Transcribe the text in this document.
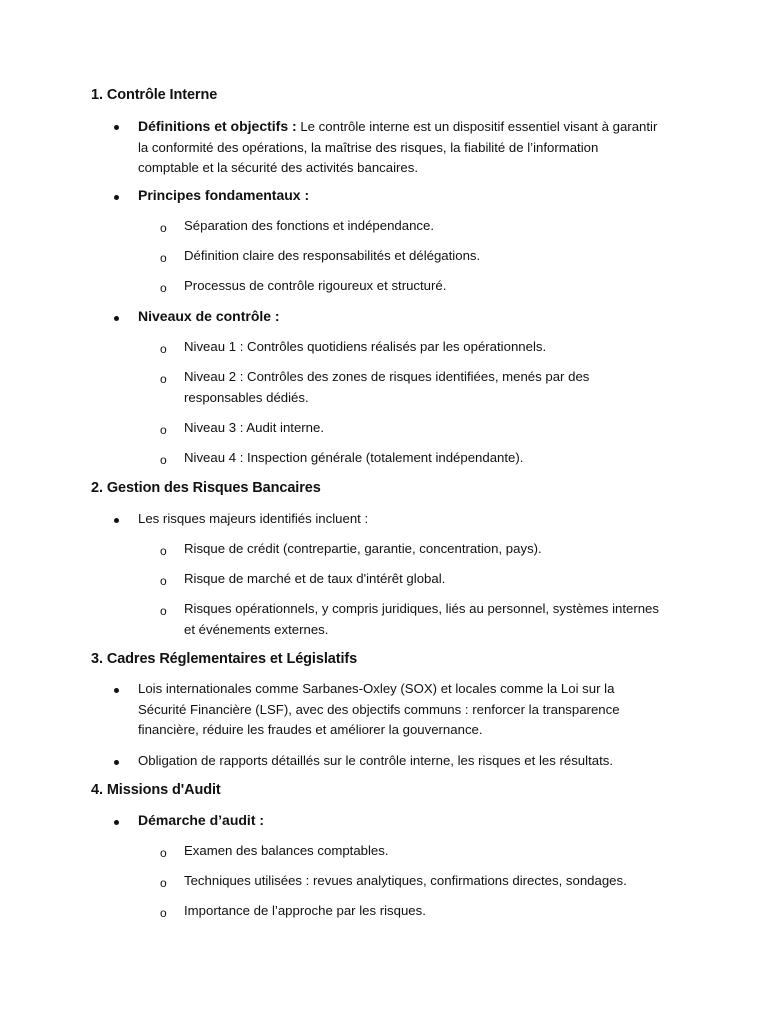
1. Contrôle Interne
Définitions et objectifs : Le contrôle interne est un dispositif essentiel visant à garantir la conformité des opérations, la maîtrise des risques, la fiabilité de l’information comptable et la sécurité des activités bancaires.
Principes fondamentaux :
o Séparation des fonctions et indépendance.
o Définition claire des responsabilités et délégations.
o Processus de contrôle rigoureux et structuré.
Niveaux de contrôle :
o Niveau 1 : Contrôles quotidiens réalisés par les opérationnels.
o Niveau 2 : Contrôles des zones de risques identifiées, menés par des responsables dédiés.
o Niveau 3 : Audit interne.
o Niveau 4 : Inspection générale (totalement indépendante).
2. Gestion des Risques Bancaires
Les risques majeurs identifiés incluent :
o Risque de crédit (contrepartie, garantie, concentration, pays).
o Risque de marché et de taux d'intérêt global.
o Risques opérationnels, y compris juridiques, liés au personnel, systèmes internes et événements externes.
3. Cadres Réglementaires et Législatifs
Lois internationales comme Sarbanes-Oxley (SOX) et locales comme la Loi sur la Sécurité Financière (LSF), avec des objectifs communs : renforcer la transparence financière, réduire les fraudes et améliorer la gouvernance.
Obligation de rapports détaillés sur le contrôle interne, les risques et les résultats.
4. Missions d'Audit
Démarche d’audit :
o Examen des balances comptables.
o Techniques utilisées : revues analytiques, confirmations directes, sondages.
o Importance de l’approche par les risques.
